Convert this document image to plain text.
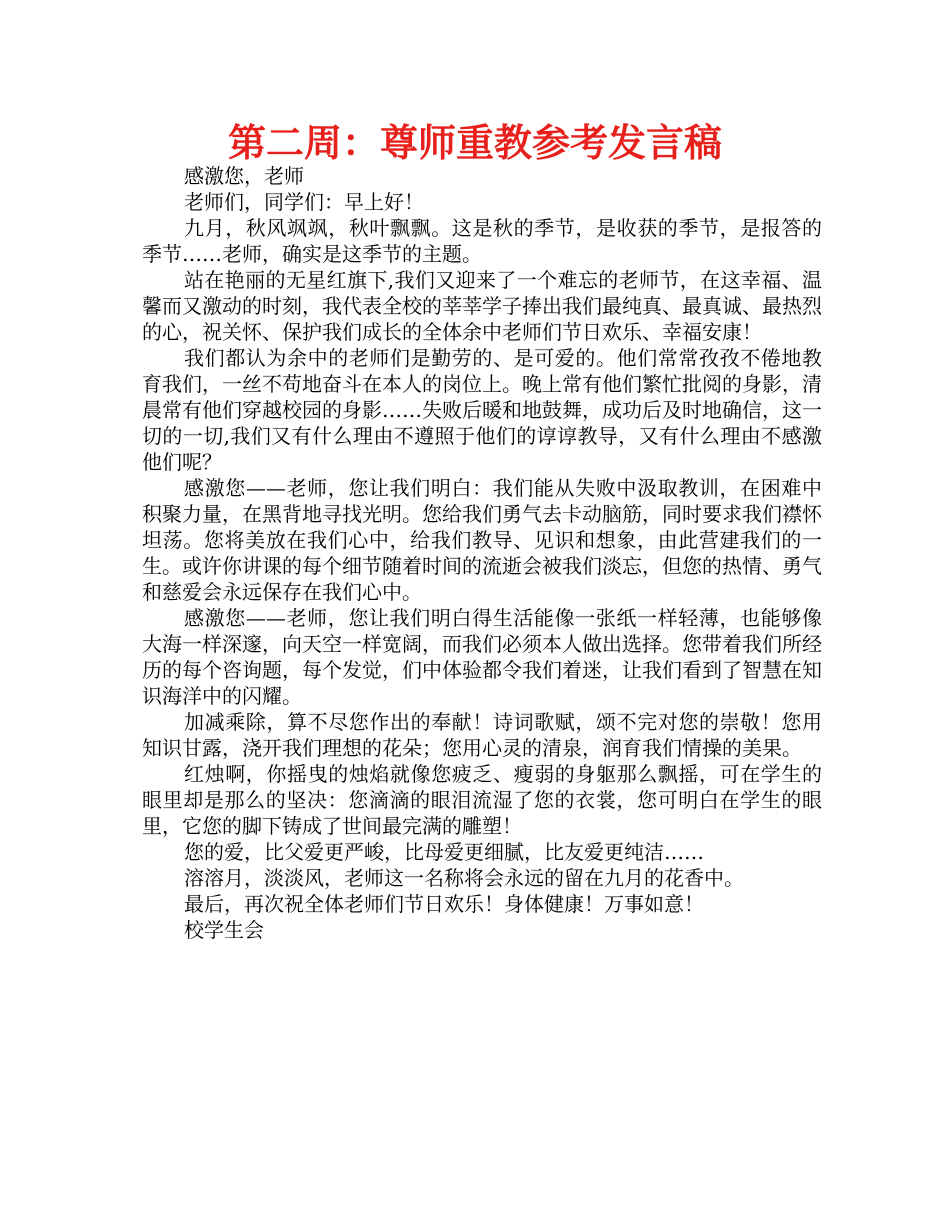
第二周：尊师重教参考发言稿

感激您，老师

老师们，同学们：早上好！

九月，秋风飒飒，秋叶飘飘。这是秋的季节，是收获的季节，是报答的季节……老师，确实是这季节的主题。

站在艳丽的无星红旗下,我们又迎来了一个难忘的老师节，在这幸福、温馨而又激动的时刻，我代表全校的莘莘学子捧出我们最纯真、最真诚、最热烈的心，祝关怀、保护我们成长的全体余中老师们节日欢乐、幸福安康！

我们都认为余中的老师们是勤劳的、是可爱的。他们常常孜孜不倦地教育我们，一丝不苟地奋斗在本人的岗位上。晚上常有他们繁忙批阅的身影，清晨常有他们穿越校园的身影……失败后暖和地鼓舞，成功后及时地确信，这一切的一切,我们又有什么理由不遵照于他们的谆谆教导，又有什么理由不感激他们呢？

感激您——老师，您让我们明白：我们能从失败中汲取教训，在困难中积聚力量，在黑背地寻找光明。您给我们勇气去卡动脑筋，同时要求我们襟怀坦荡。您将美放在我们心中，给我们教导、见识和想象，由此营建我们的一生。或许你讲课的每个细节随着时间的流逝会被我们淡忘，但您的热情、勇气和慈爱会永远保存在我们心中。

感激您——老师，您让我们明白得生活能像一张纸一样轻薄，也能够像大海一样深邃，向天空一样宽阔，而我们必须本人做出选择。您带着我们所经历的每个咨询题，每个发觉，们中体验都令我们着迷，让我们看到了智慧在知识海洋中的闪耀。

加减乘除，算不尽您作出的奉献！诗词歌赋，颂不完对您的崇敬！您用知识甘露，浇开我们理想的花朵；您用心灵的清泉，润育我们情操的美果。

红烛啊，你摇曳的烛焰就像您疲乏、瘦弱的身躯那么飘摇，可在学生的眼里却是那么的坚决：您滴滴的眼泪流湿了您的衣裳，您可明白在学生的眼里，它您的脚下铸成了世间最完满的雕塑！

您的爱，比父爱更严峻，比母爱更细腻，比友爱更纯洁……

溶溶月，淡淡风，老师这一名称将会永远的留在九月的花香中。

最后，再次祝全体老师们节日欢乐！身体健康！万事如意！

校学生会
